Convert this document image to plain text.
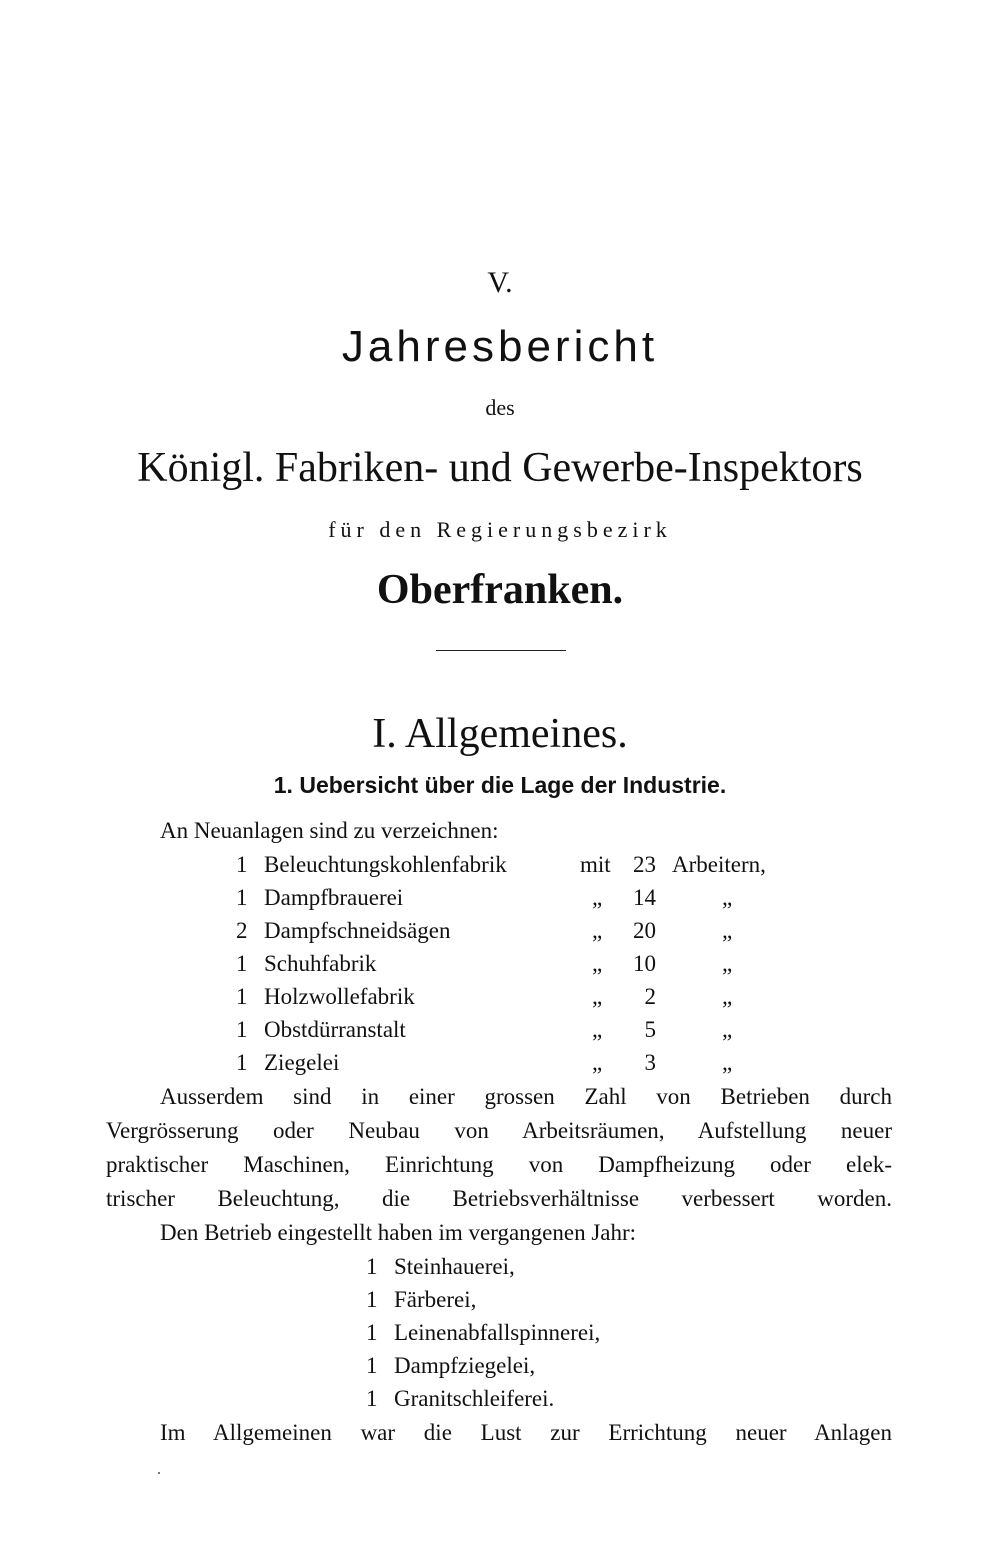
V.
Jahresbericht
des
Königl. Fabriken- und Gewerbe-Inspektors
für den Regierungsbezirk
Oberfranken.
I. Allgemeines.
1. Uebersicht über die Lage der Industrie.
An Neuanlagen sind zu verzeichnen:
1 Beleuchtungskohlenfabrik	mit 23 Arbeitern,
1 Dampfbrauerei	„	14	„
2 Dampfschneidsägen	„	20	„
1 Schuhfabrik	„	10	„
1 Holzwollefabrik	„	2	„
1 Obstdürranstalt	„	5	„
1 Ziegelei	„	3	„
Ausserdem sind in einer grossen Zahl von Betrieben durch
Vergrösserung oder Neubau von Arbeitsräumen, Aufstellung neuer
praktischer Maschinen, Einrichtung von Dampfheizung oder elek-
trischer Beleuchtung, die Betriebsverhältnisse verbessert worden.
Den Betrieb eingestellt haben im vergangenen Jahr:
1 Steinhauerei,
1 Färberei,
1 Leinenabfallspinnerei,
1 Dampfziegelei,
1 Granitschleiferei.
Im Allgemeinen war die Lust zur Errichtung neuer Anlagen
